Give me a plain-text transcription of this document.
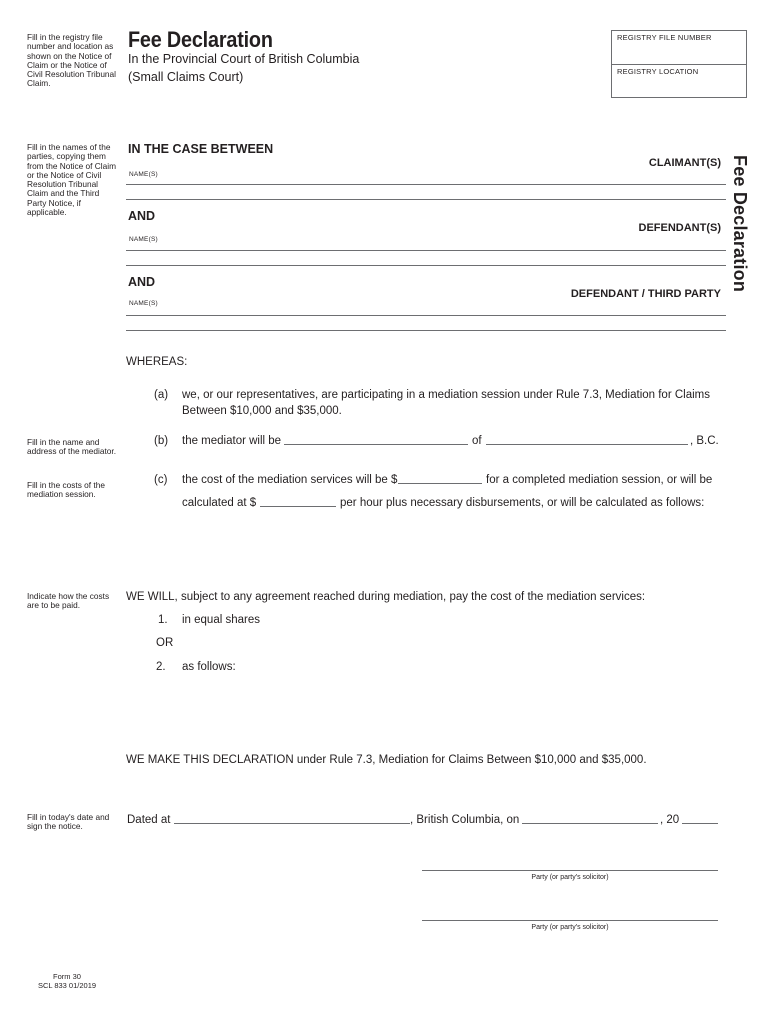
Fill in the registry file number and location as shown on the Notice of Claim or the Notice of Civil Resolution Tribunal Claim.
Fill in the names of the parties, copying them from the Notice of Claim or the Notice of Civil Resolution Tribunal Claim and the Third Party Notice, if applicable.
Fill in the name and address of the mediator.
Fill in the costs of the mediation session.
Indicate how the costs are to be paid.
Fill in today's date and sign the notice.
Fee Declaration
In the Provincial Court of British Columbia
(Small Claims Court)
REGISTRY FILE NUMBER
REGISTRY LOCATION
Fee Declaration
IN THE CASE BETWEEN
CLAIMANT(S)
NAME(S)
AND
DEFENDANT(S)
NAME(S)
AND
DEFENDANT / THIRD PARTY
NAME(S)
WHEREAS:
(a) we, or our representatives, are participating in a mediation session under Rule 7.3, Mediation for Claims
Between $10,000 and $35,000.
(b) the mediator will be	of	, B.C.
(c) the cost of the mediation services will be $	for a completed mediation session, or will be
calculated at $	per hour plus necessary disbursements, or will be calculated as follows:
WE WILL, subject to any agreement reached during mediation, pay the cost of the mediation services:
1. in equal shares
OR
2. as follows:
WE MAKE THIS DECLARATION under Rule 7.3, Mediation for Claims Between $10,000 and $35,000.
Dated at	, British Columbia, on	, 20
Party (or party's solicitor)
Party (or party's solicitor)
Form 30
SCL 833 01/2019
